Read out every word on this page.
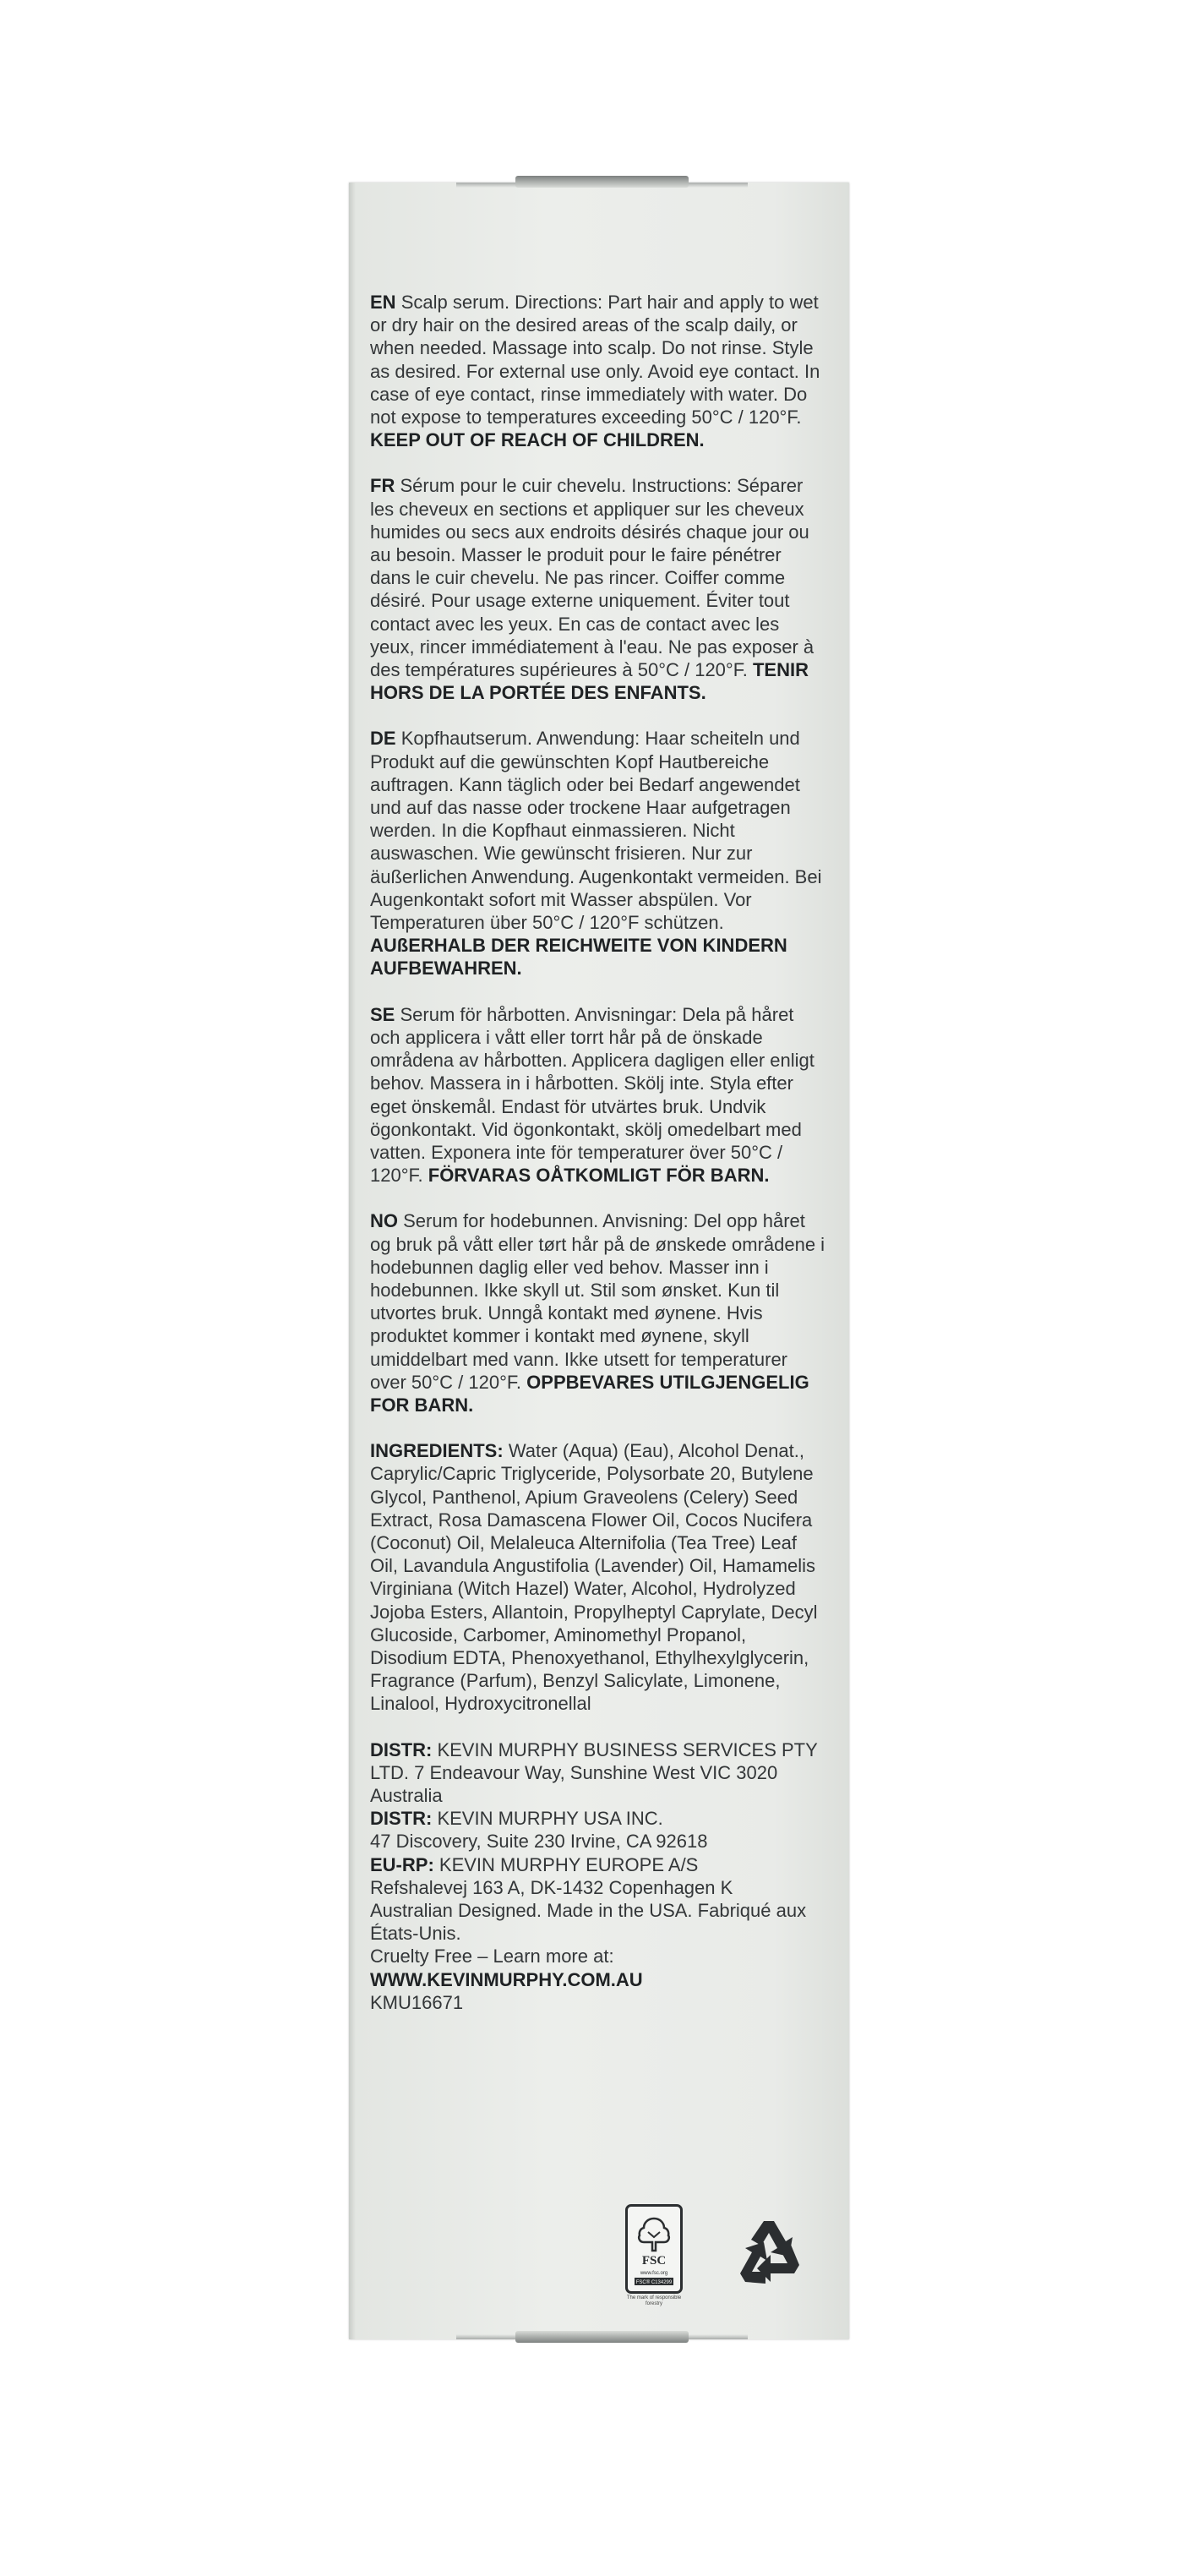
EN Scalp serum. Directions: Part hair and apply to wet or dry hair on the desired areas of the scalp daily, or when needed. Massage into scalp. Do not rinse. Style as desired. For external use only. Avoid eye contact. In case of eye contact, rinse immediately with water. Do not expose to temperatures exceeding 50°C / 120°F. KEEP OUT OF REACH OF CHILDREN.

FR Sérum pour le cuir chevelu. Instructions: Séparer les cheveux en sections et appliquer sur les cheveux humides ou secs aux endroits désirés chaque jour ou au besoin. Masser le produit pour le faire pénétrer dans le cuir chevelu. Ne pas rincer. Coiffer comme désiré. Pour usage externe uniquement. Éviter tout contact avec les yeux. En cas de contact avec les yeux, rincer immédiatement à l'eau. Ne pas exposer à des températures supérieures à 50°C / 120°F. TENIR HORS DE LA PORTÉE DES ENFANTS.

DE Kopfhautserum. Anwendung: Haar scheiteln und Produkt auf die gewünschten Kopf Hautbereiche auftragen. Kann täglich oder bei Bedarf angewendet und auf das nasse oder trockene Haar aufgetragen werden. In die Kopfhaut einmassieren. Nicht auswaschen. Wie gewünscht frisieren. Nur zur äußerlichen Anwendung. Augenkontakt vermeiden. Bei Augenkontakt sofort mit Wasser abspülen. Vor Temperaturen über 50°C / 120°F schützen. AUßERHALB DER REICHWEITE VON KINDERN AUFBEWAHREN.

SE Serum för hårbotten. Anvisningar: Dela på håret och applicera i vått eller torrt hår på de önskade områdena av hårbotten. Applicera dagligen eller enligt behov. Massera in i hårbotten. Skölj inte. Styla efter eget önskemål. Endast för utvärtes bruk. Undvik ögonkontakt. Vid ögonkontakt, skölj omedelbart med vatten. Exponera inte för temperaturer över 50°C / 120°F. FÖRVARAS OÅTKOMLIGT FÖR BARN.

NO Serum for hodebunnen. Anvisning: Del opp håret og bruk på vått eller tørt hår på de ønskede områdene i hodebunnen daglig eller ved behov. Masser inn i hodebunnen. Ikke skyll ut. Stil som ønsket. Kun til utvortes bruk. Unngå kontakt med øynene. Hvis produktet kommer i kontakt med øynene, skyll umiddelbart med vann. Ikke utsett for temperaturer over 50°C / 120°F. OPPBEVARES UTILGJENGELIG FOR BARN.

INGREDIENTS: Water (Aqua) (Eau), Alcohol Denat., Caprylic/Capric Triglyceride, Polysorbate 20, Butylene Glycol, Panthenol, Apium Graveolens (Celery) Seed Extract, Rosa Damascena Flower Oil, Cocos Nucifera (Coconut) Oil, Melaleuca Alternifolia (Tea Tree) Leaf Oil, Lavandula Angustifolia (Lavender) Oil, Hamamelis Virginiana (Witch Hazel) Water, Alcohol, Hydrolyzed Jojoba Esters, Allantoin, Propylheptyl Caprylate, Decyl Glucoside, Carbomer, Aminomethyl Propanol, Disodium EDTA, Phenoxyethanol, Ethylhexylglycerin, Fragrance (Parfum), Benzyl Salicylate, Limonene, Linalool, Hydroxycitronellal

DISTR: KEVIN MURPHY BUSINESS SERVICES PTY LTD. 7 Endeavour Way, Sunshine West VIC 3020 Australia
DISTR: KEVIN MURPHY USA INC.
47 Discovery, Suite 230 Irvine, CA 92618
EU-RP: KEVIN MURPHY EUROPE A/S
Refshalevej 163 A, DK-1432 Copenhagen K
Australian Designed. Made in the USA. Fabriqué aux États-Unis.
Cruelty Free – Learn more at:
WWW.KEVINMURPHY.COM.AU
KMU16671
FSC
www.fsc.org
FSC® C134299
The mark of responsible forestry
